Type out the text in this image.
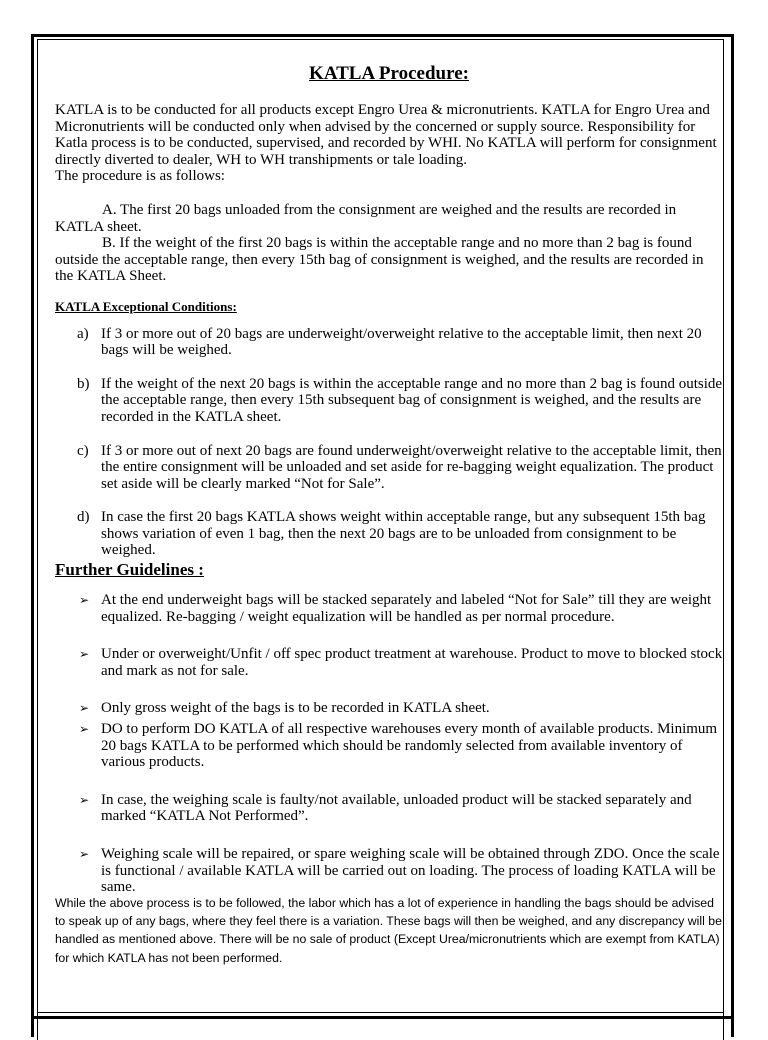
KATLA Procedure:

KATLA is to be conducted for all products except Engro Urea & micronutrients. KATLA for Engro Urea and Micronutrients will be conducted only when advised by the concerned or supply source. Responsibility for Katla process is to be conducted, supervised, and recorded by WHI. No KATLA will perform for consignment directly diverted to dealer, WH to WH transhipments or tale loading.

The procedure is as follows:

A. The first 20 bags unloaded from the consignment are weighed and the results are recorded in KATLA sheet.

B. If the weight of the first 20 bags is within the acceptable range and no more than 2 bag is found outside the acceptable range, then every 15th bag of consignment is weighed, and the results are recorded in the KATLA Sheet.

KATLA Exceptional Conditions:
a) If 3 or more out of 20 bags are underweight/overweight relative to the acceptable limit, then next 20 bags will be weighed.
b) If the weight of the next 20 bags is within the acceptable range and no more than 2 bag is found outside the acceptable range, then every 15th subsequent bag of consignment is weighed, and the results are recorded in the KATLA sheet.
c) If 3 or more out of next 20 bags are found underweight/overweight relative to the acceptable limit, then the entire consignment will be unloaded and set aside for re-bagging weight equalization. The product set aside will be clearly marked “Not for Sale”.
d) In case the first 20 bags KATLA shows weight within acceptable range, but any subsequent 15th bag shows variation of even 1 bag, then the next 20 bags are to be unloaded from consignment to be weighed.
Further Guidelines :
➢ At the end underweight bags will be stacked separately and labeled “Not for Sale” till they are weight equalized. Re-bagging / weight equalization will be handled as per normal procedure.
➢ Under or overweight/Unfit / off spec product treatment at warehouse. Product to move to blocked stock and mark as not for sale.
➢ Only gross weight of the bags is to be recorded in KATLA sheet.
➢ DO to perform DO KATLA of all respective warehouses every month of available products. Minimum 20 bags KATLA to be performed which should be randomly selected from available inventory of various products.
➢ In case, the weighing scale is faulty/not available, unloaded product will be stacked separately and marked “KATLA Not Performed”.
➢ Weighing scale will be repaired, or spare weighing scale will be obtained through ZDO. Once the scale is functional / available KATLA will be carried out on loading. The process of loading KATLA will be same.

While the above process is to be followed, the labor which has a lot of experience in handling the bags should be advised to speak up of any bags, where they feel there is a variation. These bags will then be weighed, and any discrepancy will be handled as mentioned above. There will be no sale of product (Except Urea/micronutrients which are exempt from KATLA) for which KATLA has not been performed.
